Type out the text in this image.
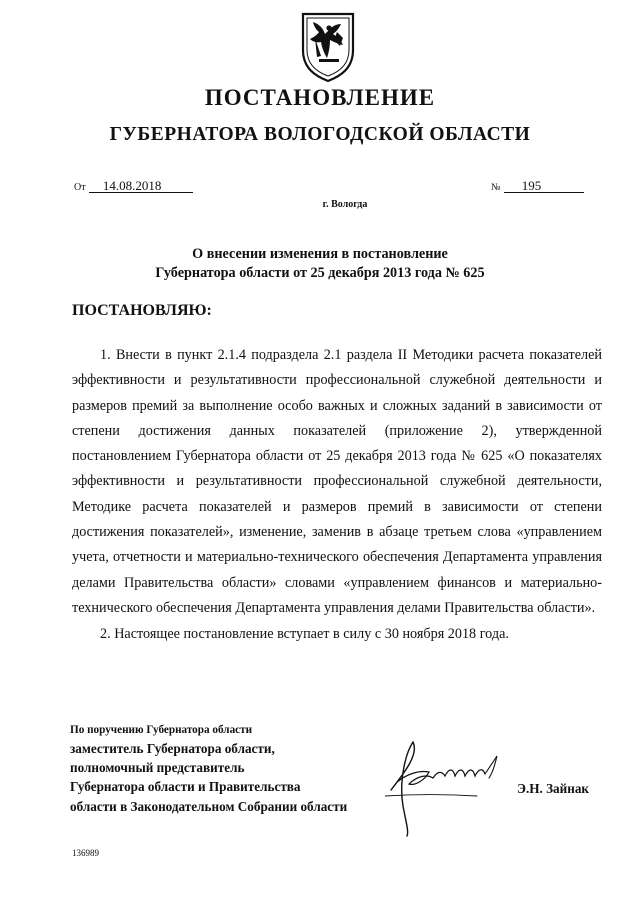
ПОСТАНОВЛЕНИЕ
ГУБЕРНАТОРА ВОЛОГОДСКОЙ ОБЛАСТИ
От 14.08.2018	№ 195
г. Вологда
О внесении изменения в постановление
Губернатора области от 25 декабря 2013 года № 625
ПОСТАНОВЛЯЮ:

1. Внести в пункт 2.1.4 подраздела 2.1 раздела II Методики расчета показателей эффективности и результативности профессиональной служебной деятельности и размеров премий за выполнение особо важных и сложных заданий в зависимости от степени достижения данных показателей (приложение 2), утвержденной постановлением Губернатора области от 25 декабря 2013 года № 625 «О показателях эффективности и результативности профессиональной служебной деятельности, Методике расчета показателей и размеров премий в зависимости от степени достижения показателей», изменение, заменив в абзаце третьем слова «управлением учета, отчетности и материально-технического обеспечения Департамента управления делами Правительства области» словами «управлением финансов и материально-технического обеспечения Департамента управления делами Правительства области».

2. Настоящее постановление вступает в силу с 30 ноября 2018 года.

По поручению Губернатора области
заместитель Губернатора области,
полномочный представитель
Губернатора области и Правительства
области в Законодательном Собрании области
Э.Н. Зайнак
136989
